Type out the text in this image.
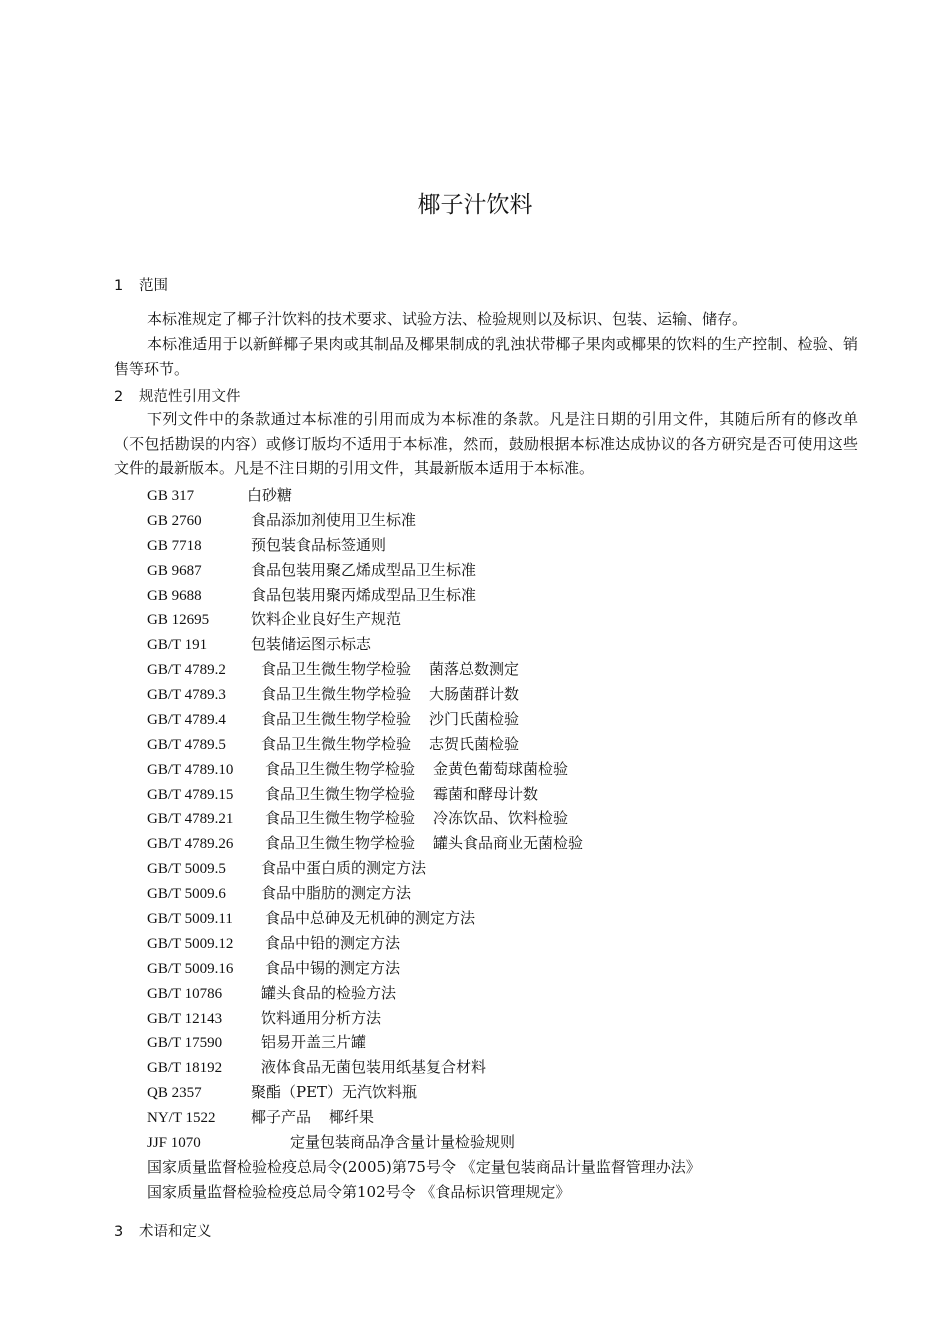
椰子汁饮料
1 范围
本标准规定了椰子汁饮料的技术要求、试验方法、检验规则以及标识、包装、运输、储存。
本标准适用于以新鲜椰子果肉或其制品及椰果制成的乳浊状带椰子果肉或椰果的饮料的生产控制、检验、销售等环节。
2 规范性引用文件
下列文件中的条款通过本标准的引用而成为本标准的条款。凡是注日期的引用文件，其随后所有的修改单（不包括勘误的内容）或修订版均不适用于本标准，然而，鼓励根据本标准达成协议的各方研究是否可使用这些文件的最新版本。凡是不注日期的引用文件，其最新版本适用于本标准。
GB 317	白砂糖
GB 2760	食品添加剂使用卫生标准
GB 7718	预包装食品标签通则
GB 9687	食品包装用聚乙烯成型品卫生标准
GB 9688	食品包装用聚丙烯成型品卫生标准
GB 12695	饮料企业良好生产规范
GB/T 191	包装储运图示标志
GB/T 4789.2 食品卫生微生物学检验 菌落总数测定
GB/T 4789.3 食品卫生微生物学检验 大肠菌群计数
GB/T 4789.4 食品卫生微生物学检验 沙门氏菌检验
GB/T 4789.5 食品卫生微生物学检验 志贺氏菌检验
GB/T 4789.10 食品卫生微生物学检验 金黄色葡萄球菌检验
GB/T 4789.15 食品卫生微生物学检验 霉菌和酵母计数
GB/T 4789.21 食品卫生微生物学检验 冷冻饮品、饮料检验
GB/T 4789.26 食品卫生微生物学检验 罐头食品商业无菌检验
GB/T 5009.5 食品中蛋白质的测定方法
GB/T 5009.6 食品中脂肪的测定方法
GB/T 5009.11 食品中总砷及无机砷的测定方法
GB/T 5009.12 食品中铅的测定方法
GB/T 5009.16 食品中锡的测定方法
GB/T 10786	罐头食品的检验方法
GB/T 12143	饮料通用分析方法
GB/T 17590	铝易开盖三片罐
GB/T 18192	液体食品无菌包装用纸基复合材料
QB 2357	聚酯（PET）无汽饮料瓶
NY/T 1522 椰子产品 椰纤果
JJF 1070	定量包装商品净含量计量检验规则
国家质量监督检验检疫总局令(2005)第75号令 《定量包装商品计量监督管理办法》
国家质量监督检验检疫总局令第102号令 《食品标识管理规定》
3 术语和定义
